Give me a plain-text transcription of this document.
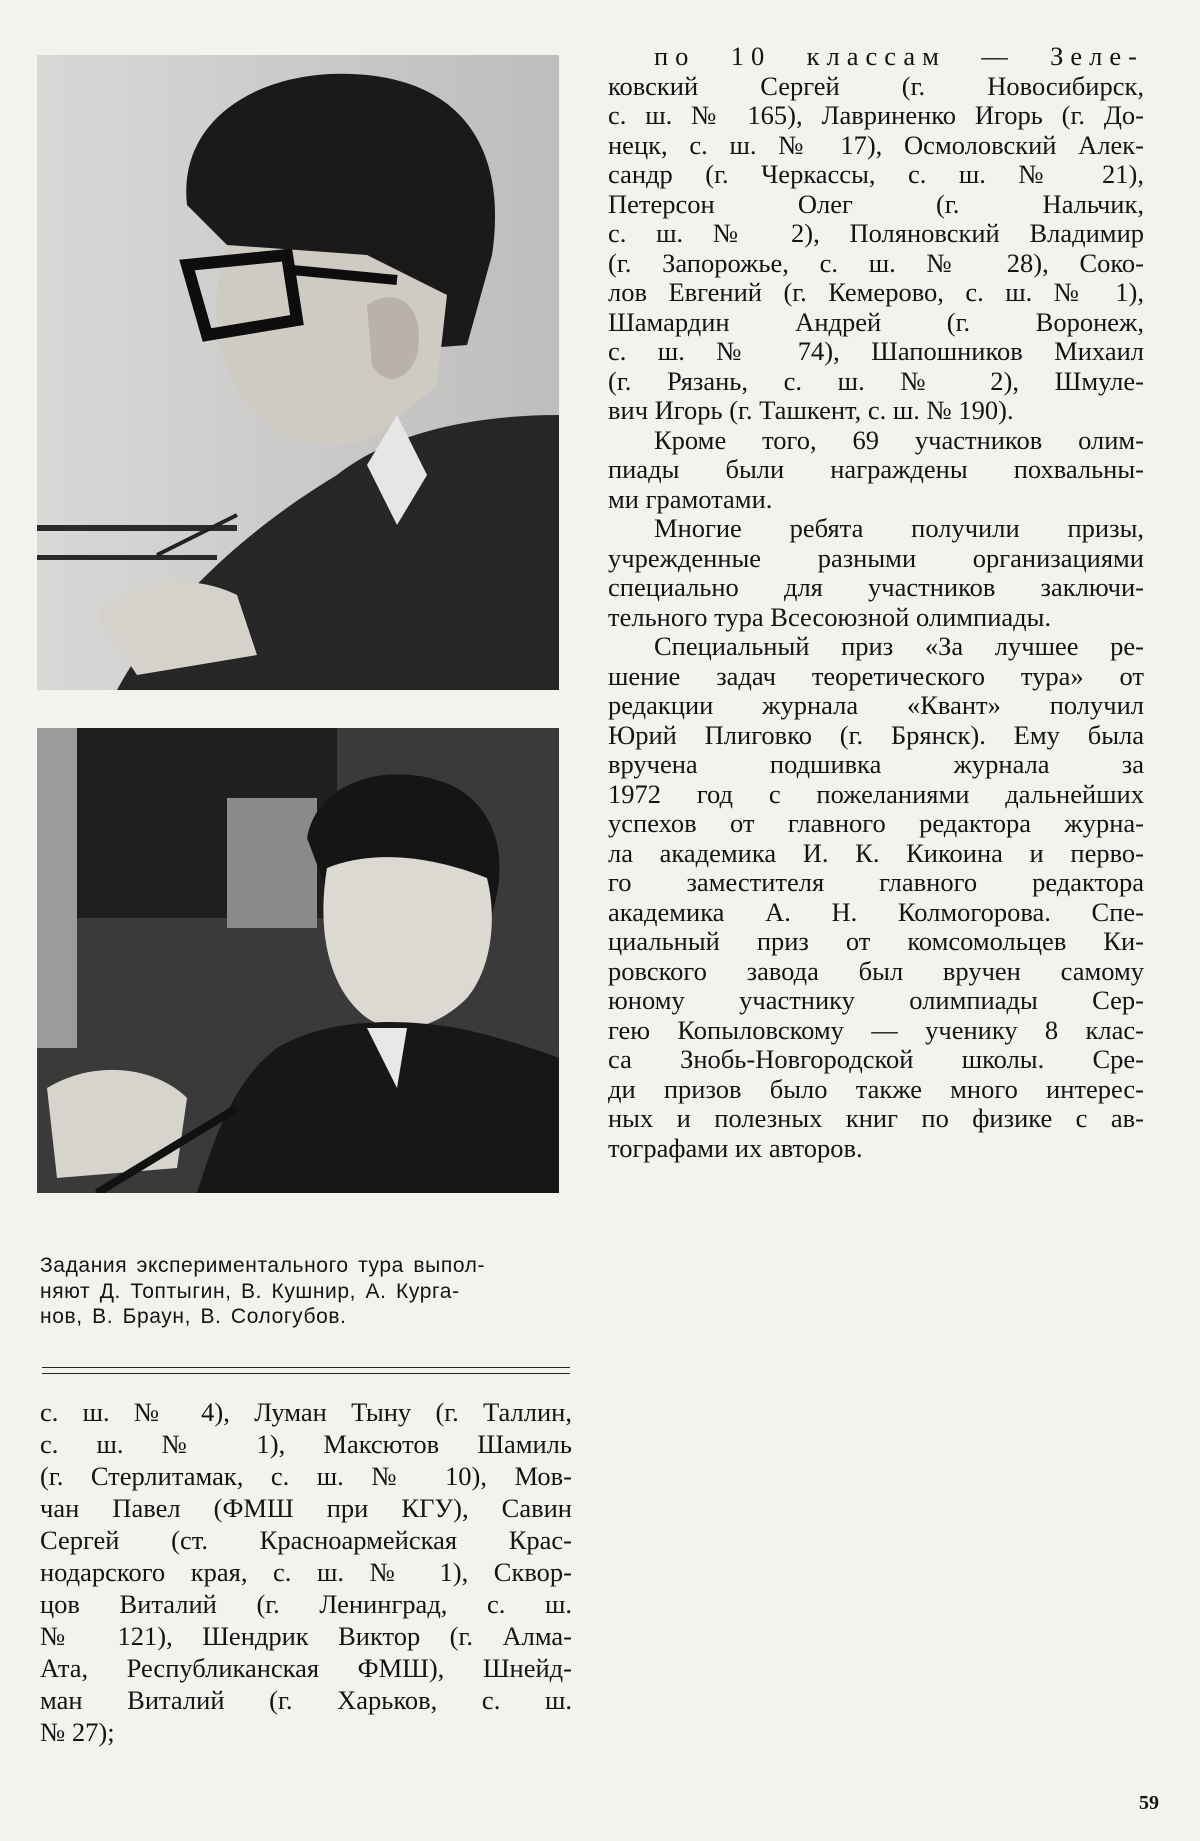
Задания экспериментального тура выпол-
няют Д. Топтыгин, В. Кушнир, А. Курга-
нов, В. Браун, В. Сологубов.
по 10 классам — Зеле-
ковский Сергей (г. Новосибирск,
с. ш. № 165), Лавриненко Игорь (г. До-
нецк, с. ш. № 17), Осмоловский Алек-
сандр (г. Черкассы, с. ш. № 21),
Петерсон Олег (г. Нальчик,
с. ш. № 2), Поляновский Владимир
(г. Запорожье, с. ш. № 28), Соко-
лов Евгений (г. Кемерово, с. ш. № 1),
Шамардин Андрей (г. Воронеж,
с. ш. № 74), Шапошников Михаил
(г. Рязань, с. ш. № 2), Шмуле-
вич Игорь (г. Ташкент, с. ш. № 190).
Кроме того, 69 участников олим-
пиады были награждены похвальны-
ми грамотами.
Многие ребята получили призы,
учрежденные разными организациями
специально для участников заключи-
тельного тура Всесоюзной олимпиады.
Специальный приз «За лучшее ре-
шение задач теоретического тура» от
редакции журнала «Квант» получил
Юрий Плиговко (г. Брянск). Ему была
вручена подшивка журнала за
1972 год с пожеланиями дальнейших
успехов от главного редактора журна-
ла академика И. К. Кикоина и перво-
го заместителя главного редактора
академика А. Н. Колмогорова. Спе-
циальный приз от комсомольцев Ки-
ровского завода был вручен самому
юному участнику олимпиады Сер-
гею Копыловскому — ученику 8 клас-
са Знобь-Новгородской школы. Сре-
ди призов было также много интерес-
ных и полезных книг по физике с ав-
тографами их авторов.
с. ш. № 4), Луман Тыну (г. Таллин,
с. ш. № 1), Максютов Шамиль
(г. Стерлитамак, с. ш. № 10), Мов-
чан Павел (ФМШ при КГУ), Савин
Сергей (ст. Красноармейская Крас-
нодарского края, с. ш. № 1), Сквор-
цов Виталий (г. Ленинград, с. ш.
№ 121), Шендрик Виктор (г. Алма-
Ата, Республиканская ФМШ), Шнейд-
ман Виталий (г. Харьков, с. ш.
№ 27);
59
